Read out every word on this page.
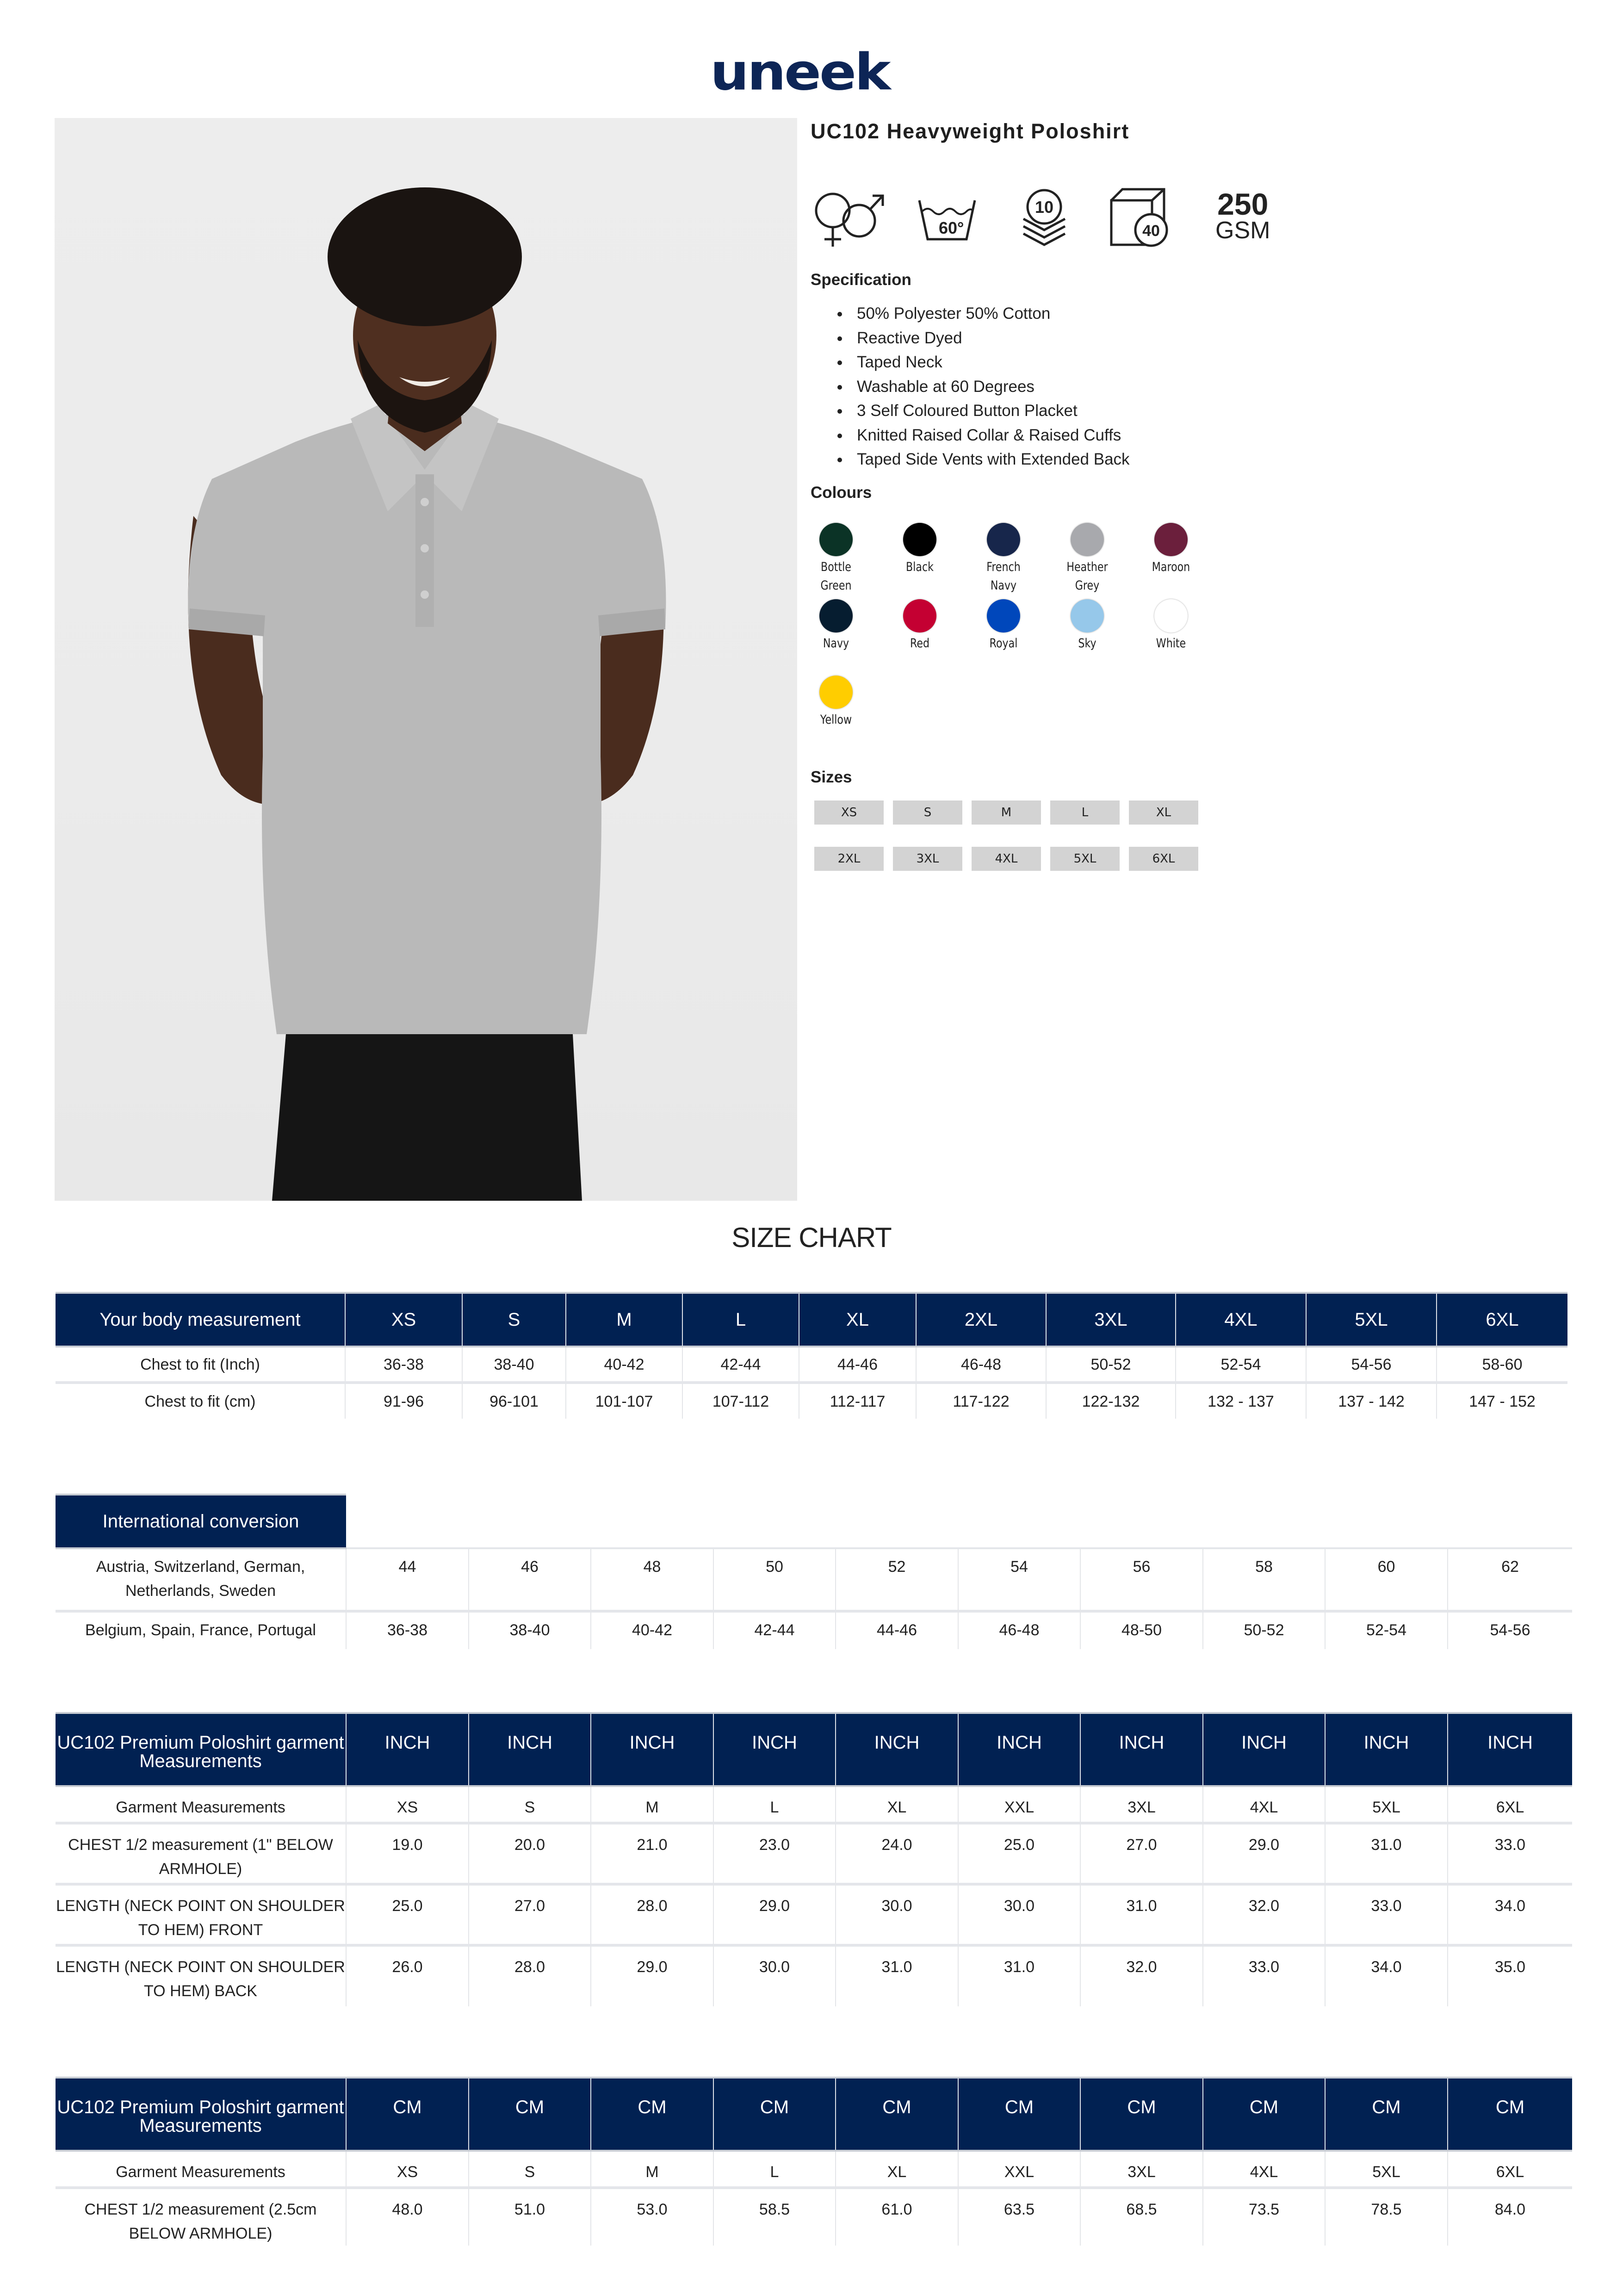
uneek
UC102 Heavyweight Poloshirt
60°
10
40
250
GSM
Specification
50% Polyester 50% Cotton
Reactive Dyed
Taped Neck
Washable at 60 Degrees
3 Self Coloured Button Placket
Knitted Raised Collar & Raised Cuffs
Taped Side Vents with Extended Back
Colours
Bottle
Green
Black	French
Navy
Heather
Grey
Maroon
Navy	Red	Royal	Sky	White
Yellow
Sizes
XS	S	M	L	XL
2XL	3XL	4XL	5XL	6XL
SIZE CHART
Your body measurement	XS	S	M	L	XL	2XL	3XL	4XL	5XL	6XL
Chest to fit (Inch)	36-38	38-40	40-42	42-44	44-46	46-48	50-52	52-54	54-56	58-60
Chest to fit (cm)	91-96	96-101	101-107	107-112	112-117	117-122	122-132	132 - 137	137 - 142	147 - 152
International conversion										
Austria, Switzerland, German, Netherlands, Sweden	44	46	48	50	52	54	56	58	60	62
Belgium, Spain, France, Portugal	36-38	38-40	40-42	42-44	44-46	46-48	48-50	50-52	52-54	54-56
UC102 Premium Poloshirt garment Measurements	INCH	INCH	INCH	INCH	INCH	INCH	INCH	INCH	INCH	INCH
Garment Measurements	XS	S	M	L	XL	XXL	3XL	4XL	5XL	6XL
CHEST 1/2 measurement (1" BELOW ARMHOLE)	19.0	20.0	21.0	23.0	24.0	25.0	27.0	29.0	31.0	33.0
LENGTH (NECK POINT ON SHOULDER TO HEM) FRONT	25.0	27.0	28.0	29.0	30.0	30.0	31.0	32.0	33.0	34.0
LENGTH (NECK POINT ON SHOULDER TO HEM) BACK	26.0	28.0	29.0	30.0	31.0	31.0	32.0	33.0	34.0	35.0
UC102 Premium Poloshirt garment Measurements	CM	CM	CM	CM	CM	CM	CM	CM	CM	CM
Garment Measurements	XS	S	M	L	XL	XXL	3XL	4XL	5XL	6XL
CHEST 1/2 measurement (2.5cm BELOW ARMHOLE)	48.0	51.0	53.0	58.5	61.0	63.5	68.5	73.5	78.5	84.0
